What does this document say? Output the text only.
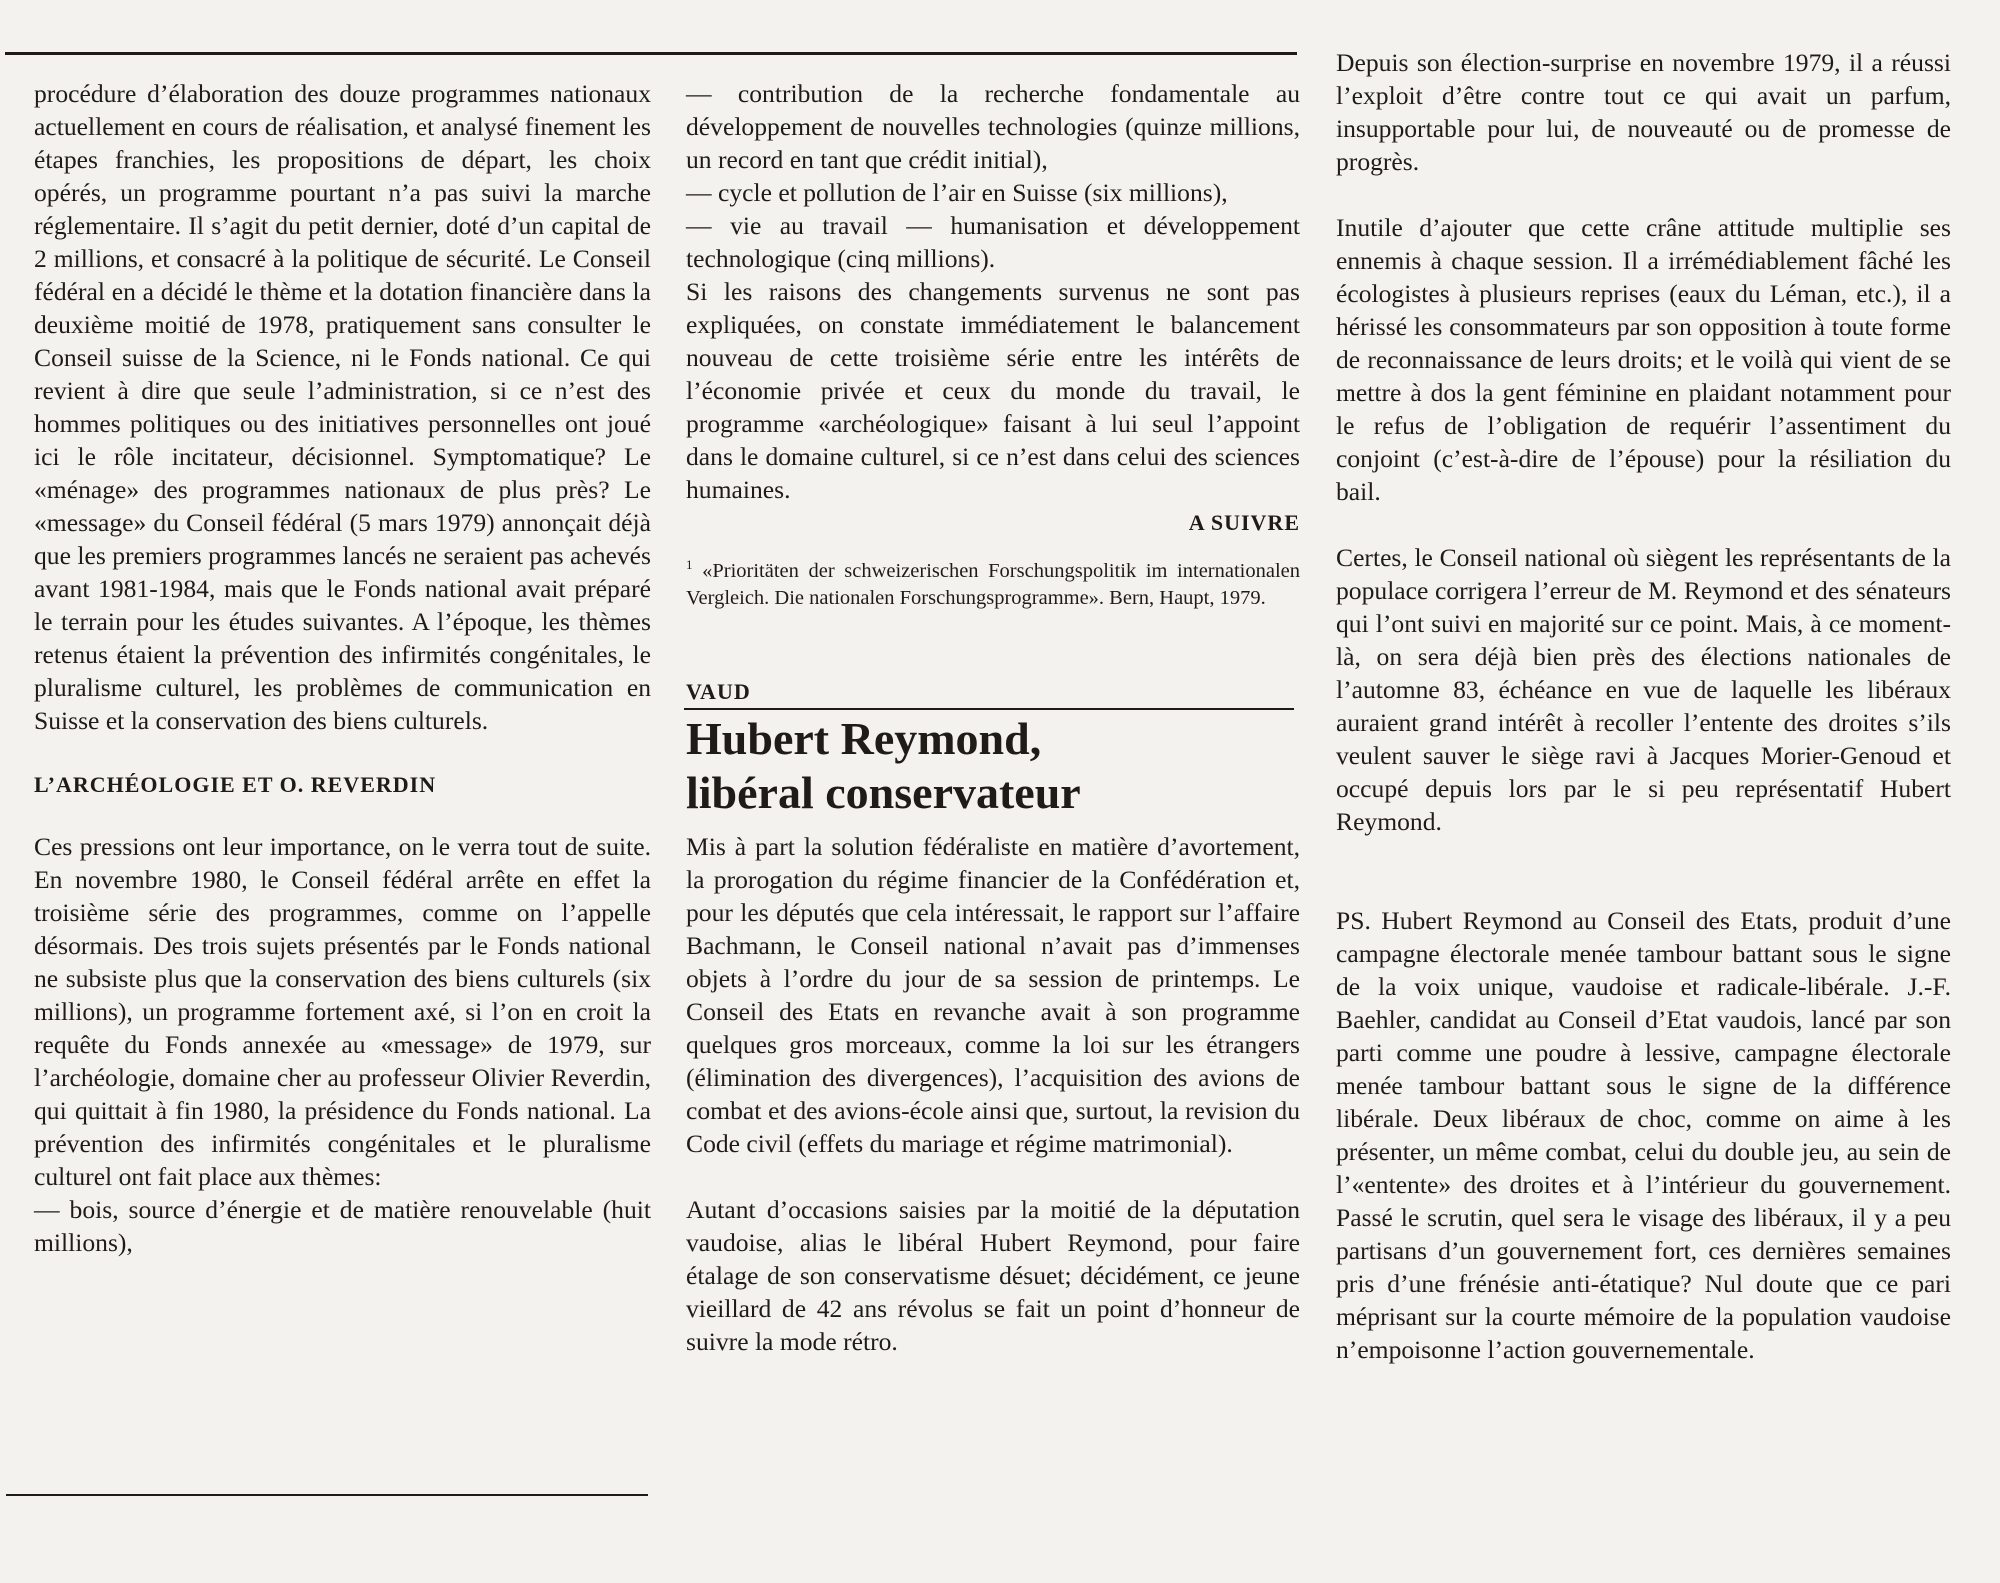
procédure d’élaboration des douze programmes nationaux actuellement en cours de réalisation, et analysé finement les étapes franchies, les propositions de départ, les choix opérés, un programme pourtant n’a pas suivi la marche réglementaire. Il s’agit du petit dernier, doté d’un capital de 2 millions, et consacré à la politique de sécurité. Le Conseil fédéral en a décidé le thème et la dotation financière dans la deuxième moitié de 1978, pratiquement sans consulter le Conseil suisse de la Science, ni le Fonds national. Ce qui revient à dire que seule l’administration, si ce n’est des hommes politiques ou des initiatives personnelles ont joué ici le rôle incitateur, décisionnel. Symptomatique? Le «ménage» des programmes nationaux de plus près? Le «message» du Conseil fédéral (5 mars 1979) annonçait déjà que les premiers programmes lancés ne seraient pas achevés avant 1981-1984, mais que le Fonds national avait préparé le terrain pour les études suivantes. A l’époque, les thèmes retenus étaient la prévention des infirmités congénitales, le pluralisme culturel, les problèmes de communication en Suisse et la conservation des biens culturels.

L’ARCHÉOLOGIE ET O. REVERDIN

Ces pressions ont leur importance, on le verra tout de suite. En novembre 1980, le Conseil fédéral arrête en effet la troisième série des programmes, comme on l’appelle désormais. Des trois sujets présentés par le Fonds national ne subsiste plus que la conservation des biens culturels (six millions), un programme fortement axé, si l’on en croit la requête du Fonds annexée au «message» de 1979, sur l’archéologie, domaine cher au professeur Olivier Reverdin, qui quittait à fin 1980, la présidence du Fonds national. La prévention des infirmités congénitales et le pluralisme culturel ont fait place aux thèmes:

— bois, source d’énergie et de matière renouvelable (huit millions),

— contribution de la recherche fondamentale au développement de nouvelles technologies (quinze millions, un record en tant que crédit initial),

— cycle et pollution de l’air en Suisse (six millions),

— vie au travail — humanisation et développement technologique (cinq millions).

Si les raisons des changements survenus ne sont pas expliquées, on constate immédiatement le balancement nouveau de cette troisième série entre les intérêts de l’économie privée et ceux du monde du travail, le programme «archéologique» faisant à lui seul l’appoint dans le domaine culturel, si ce n’est dans celui des sciences humaines.

A SUIVRE
$^1$ «Prioritäten der schweizerischen Forschungspolitik im internationalen Vergleich. Die nationalen Forschungsprogramme». Bern, Haupt, 1979.
VAUD
Hubert Reymond,
libéral conservateur

Mis à part la solution fédéraliste en matière d’avortement, la prorogation du régime financier de la Confédération et, pour les députés que cela intéressait, le rapport sur l’affaire Bachmann, le Conseil national n’avait pas d’immenses objets à l’ordre du jour de sa session de printemps. Le Conseil des Etats en revanche avait à son programme quelques gros morceaux, comme la loi sur les étrangers (élimination des divergences), l’acquisition des avions de combat et des avions-école ainsi que, surtout, la revision du Code civil (effets du mariage et régime matrimonial).

Autant d’occasions saisies par la moitié de la députation vaudoise, alias le libéral Hubert Reymond, pour faire étalage de son conservatisme désuet; décidément, ce jeune vieillard de 42 ans révolus se fait un point d’honneur de suivre la mode rétro.

Depuis son élection-surprise en novembre 1979, il a réussi l’exploit d’être contre tout ce qui avait un parfum, insupportable pour lui, de nouveauté ou de promesse de progrès.

Inutile d’ajouter que cette crâne attitude multiplie ses ennemis à chaque session. Il a irrémédiablement fâché les écologistes à plusieurs reprises (eaux du Léman, etc.), il a hérissé les consommateurs par son opposition à toute forme de reconnaissance de leurs droits; et le voilà qui vient de se mettre à dos la gent féminine en plaidant notamment pour le refus de l’obligation de requérir l’assentiment du conjoint (c’est-à-dire de l’épouse) pour la résiliation du bail.

Certes, le Conseil national où siègent les représentants de la populace corrigera l’erreur de M. Reymond et des sénateurs qui l’ont suivi en majorité sur ce point. Mais, à ce moment-là, on sera déjà bien près des élections nationales de l’automne 83, échéance en vue de laquelle les libéraux auraient grand intérêt à recoller l’entente des droites s’ils veulent sauver le siège ravi à Jacques Morier-Genoud et occupé depuis lors par le si peu représentatif Hubert Reymond.

PS. Hubert Reymond au Conseil des Etats, produit d’une campagne électorale menée tambour battant sous le signe de la voix unique, vaudoise et radicale-libérale. J.-F. Baehler, candidat au Conseil d’Etat vaudois, lancé par son parti comme une poudre à lessive, campagne électorale menée tambour battant sous le signe de la différence libérale. Deux libéraux de choc, comme on aime à les présenter, un même combat, celui du double jeu, au sein de l’«entente» des droites et à l’intérieur du gouvernement. Passé le scrutin, quel sera le visage des libéraux, il y a peu partisans d’un gouvernement fort, ces dernières semaines pris d’une frénésie anti-étatique? Nul doute que ce pari méprisant sur la courte mémoire de la population vaudoise n’empoisonne l’action gouvernementale.
